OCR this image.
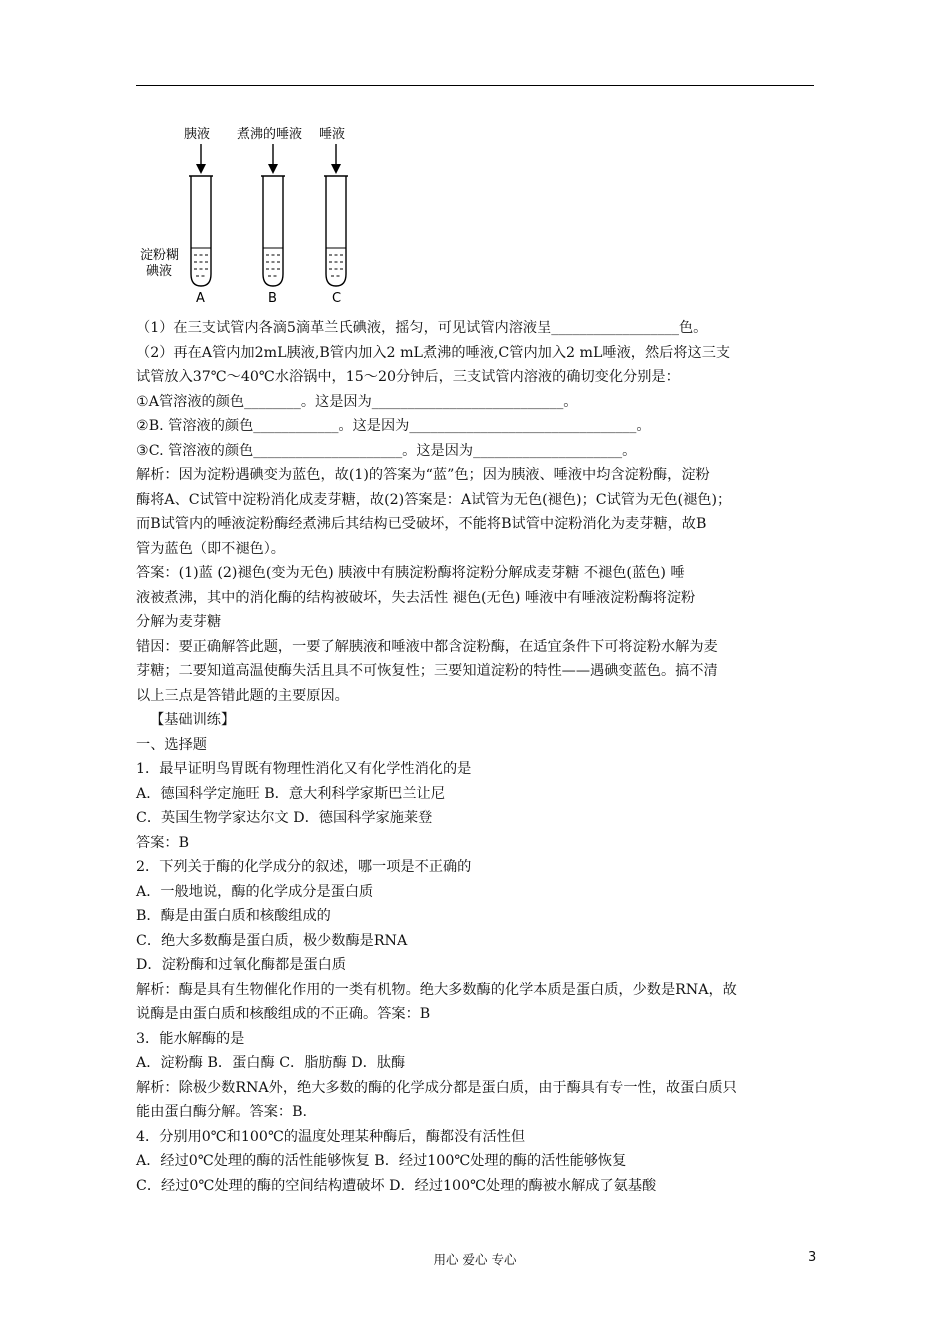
胰液 煮沸的唾液 唾液
淀粉糊
碘液
A	B	C

（1）在三支试管内各滴5滴革兰氏碘液，摇匀，可见试管内溶液呈__________________色。

（2）再在A管内加2mL胰液,B管内加入2 mL煮沸的唾液,C管内加入2 mL唾液，然后将这三支

试管放入37℃～40℃水浴锅中，15～20分钟后，三支试管内溶液的确切变化分别是：

①A管溶液的颜色________。这是因为___________________________。

②B. 管溶液的颜色____________。这是因为________________________________。

③C. 管溶液的颜色_____________________。这是因为_____________________。

解析：因为淀粉遇碘变为蓝色，故(1)的答案为“蓝”色；因为胰液、唾液中均含淀粉酶，淀粉

酶将A、C试管中淀粉消化成麦芽糖，故(2)答案是：A试管为无色(褪色)；C试管为无色(褪色)；

而B试管内的唾液淀粉酶经煮沸后其结构已受破坏，不能将B试管中淀粉消化为麦芽糖，故B

管为蓝色（即不褪色）。

答案：(1)蓝 (2)褪色(变为无色) 胰液中有胰淀粉酶将淀粉分解成麦芽糖 不褪色(蓝色) 唾

液被煮沸，其中的消化酶的结构被破坏，失去活性 褪色(无色) 唾液中有唾液淀粉酶将淀粉

分解为麦芽糖

错因：要正确解答此题，一要了解胰液和唾液中都含淀粉酶，在适宜条件下可将淀粉水解为麦

芽糖；二要知道高温使酶失活且具不可恢复性；三要知道淀粉的特性——遇碘变蓝色。搞不清

以上三点是答错此题的主要原因。

【基础训练】

一、选择题

1．最早证明鸟胃既有物理性消化又有化学性消化的是

A．德国科学定施旺 B．意大利科学家斯巴兰让尼

C．英国生物学家达尔文 D．德国科学家施莱登

答案：B

2．下列关于酶的化学成分的叙述，哪一项是不正确的

A．一般地说，酶的化学成分是蛋白质

B．酶是由蛋白质和核酸组成的

C．绝大多数酶是蛋白质，极少数酶是RNA

D．淀粉酶和过氧化酶都是蛋白质

解析：酶是具有生物催化作用的一类有机物。绝大多数酶的化学本质是蛋白质，少数是RNA，故

说酶是由蛋白质和核酸组成的不正确。答案：B

3．能水解酶的是

A．淀粉酶 B．蛋白酶 C．脂肪酶 D．肽酶

解析：除极少数RNA外，绝大多数的酶的化学成分都是蛋白质，由于酶具有专一性，故蛋白质只

能由蛋白酶分解。答案：B.

4．分别用0℃和100℃的温度处理某种酶后，酶都没有活性但

A．经过0℃处理的酶的活性能够恢复 B．经过100℃处理的酶的活性能够恢复

C．经过0℃处理的酶的空间结构遭破坏 D．经过100℃处理的酶被水解成了氨基酸

用心 爱心 专心	3
